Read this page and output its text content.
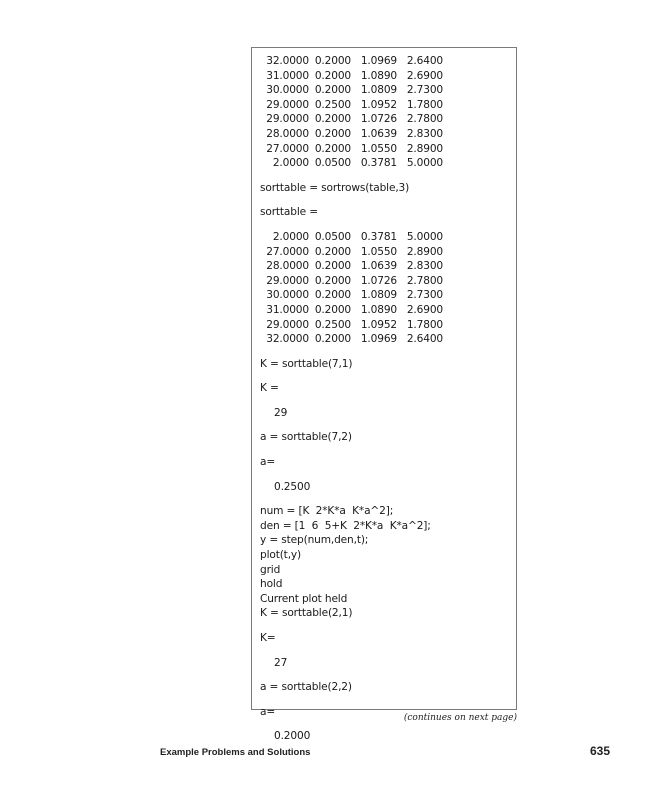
32.0000 0.2000 1.0969 2.6400
31.0000 0.2000 1.0890 2.6900
30.0000 0.2000 1.0809 2.7300
29.0000 0.2500 1.0952 1.7800
29.0000 0.2000 1.0726 2.7800
28.0000 0.2000 1.0639 2.8300
27.0000 0.2000 1.0550 2.8900
2.0000 0.0500 0.3781 5.0000
sorttable = sortrows(table,3)
sorttable =
2.0000 0.0500 0.3781 5.0000
27.0000 0.2000 1.0550 2.8900
28.0000 0.2000 1.0639 2.8300
29.0000 0.2000 1.0726 2.7800
30.0000 0.2000 1.0809 2.7300
31.0000 0.2000 1.0890 2.6900
29.0000 0.2500 1.0952 1.7800
32.0000 0.2000 1.0969 2.6400
K = sorttable(7,1)
K =
29
a = sorttable(7,2)
a=
0.2500
num = [K  2*K*a  K*a^2];
den = [1  6  5+K  2*K*a  K*a^2];
y = step(num,den,t);
plot(t,y)
grid
hold
Current plot held
K = sorttable(2,1)
K=
27
a = sorttable(2,2)
a=
0.2000
(continues on next page)
Example Problems and Solutions	635
